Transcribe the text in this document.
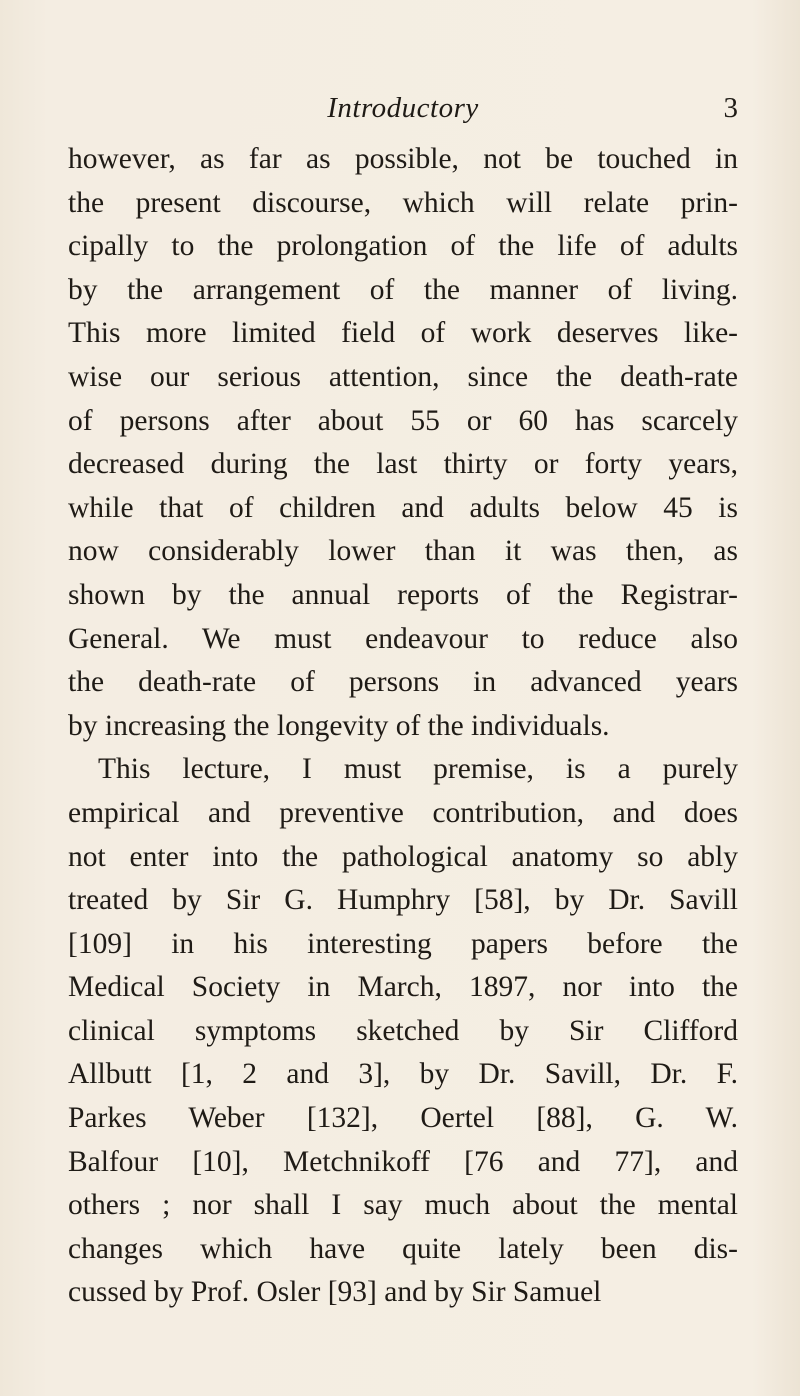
Introductory	3
however, as far as possible, not be touched in
the present discourse, which will relate prin-
cipally to the prolongation of the life of adults
by the arrangement of the manner of living.
This more limited field of work deserves like-
wise our serious attention, since the death-rate
of persons after about 55 or 60 has scarcely
decreased during the last thirty or forty years,
while that of children and adults below 45 is
now considerably lower than it was then, as
shown by the annual reports of the Registrar-
General. We must endeavour to reduce also
the death-rate of persons in advanced years
by increasing the longevity of the individuals.
This lecture, I must premise, is a purely
empirical and preventive contribution, and does
not enter into the pathological anatomy so ably
treated by Sir G. Humphry [58], by Dr. Savill
[109] in his interesting papers before the
Medical Society in March, 1897, nor into the
clinical symptoms sketched by Sir Clifford
Allbutt [1, 2 and 3], by Dr. Savill, Dr. F.
Parkes Weber [132], Oertel [88], G. W.
Balfour [10], Metchnikoff [76 and 77], and
others ; nor shall I say much about the mental
changes which have quite lately been dis-
cussed by Prof. Osler [93] and by Sir Samuel
